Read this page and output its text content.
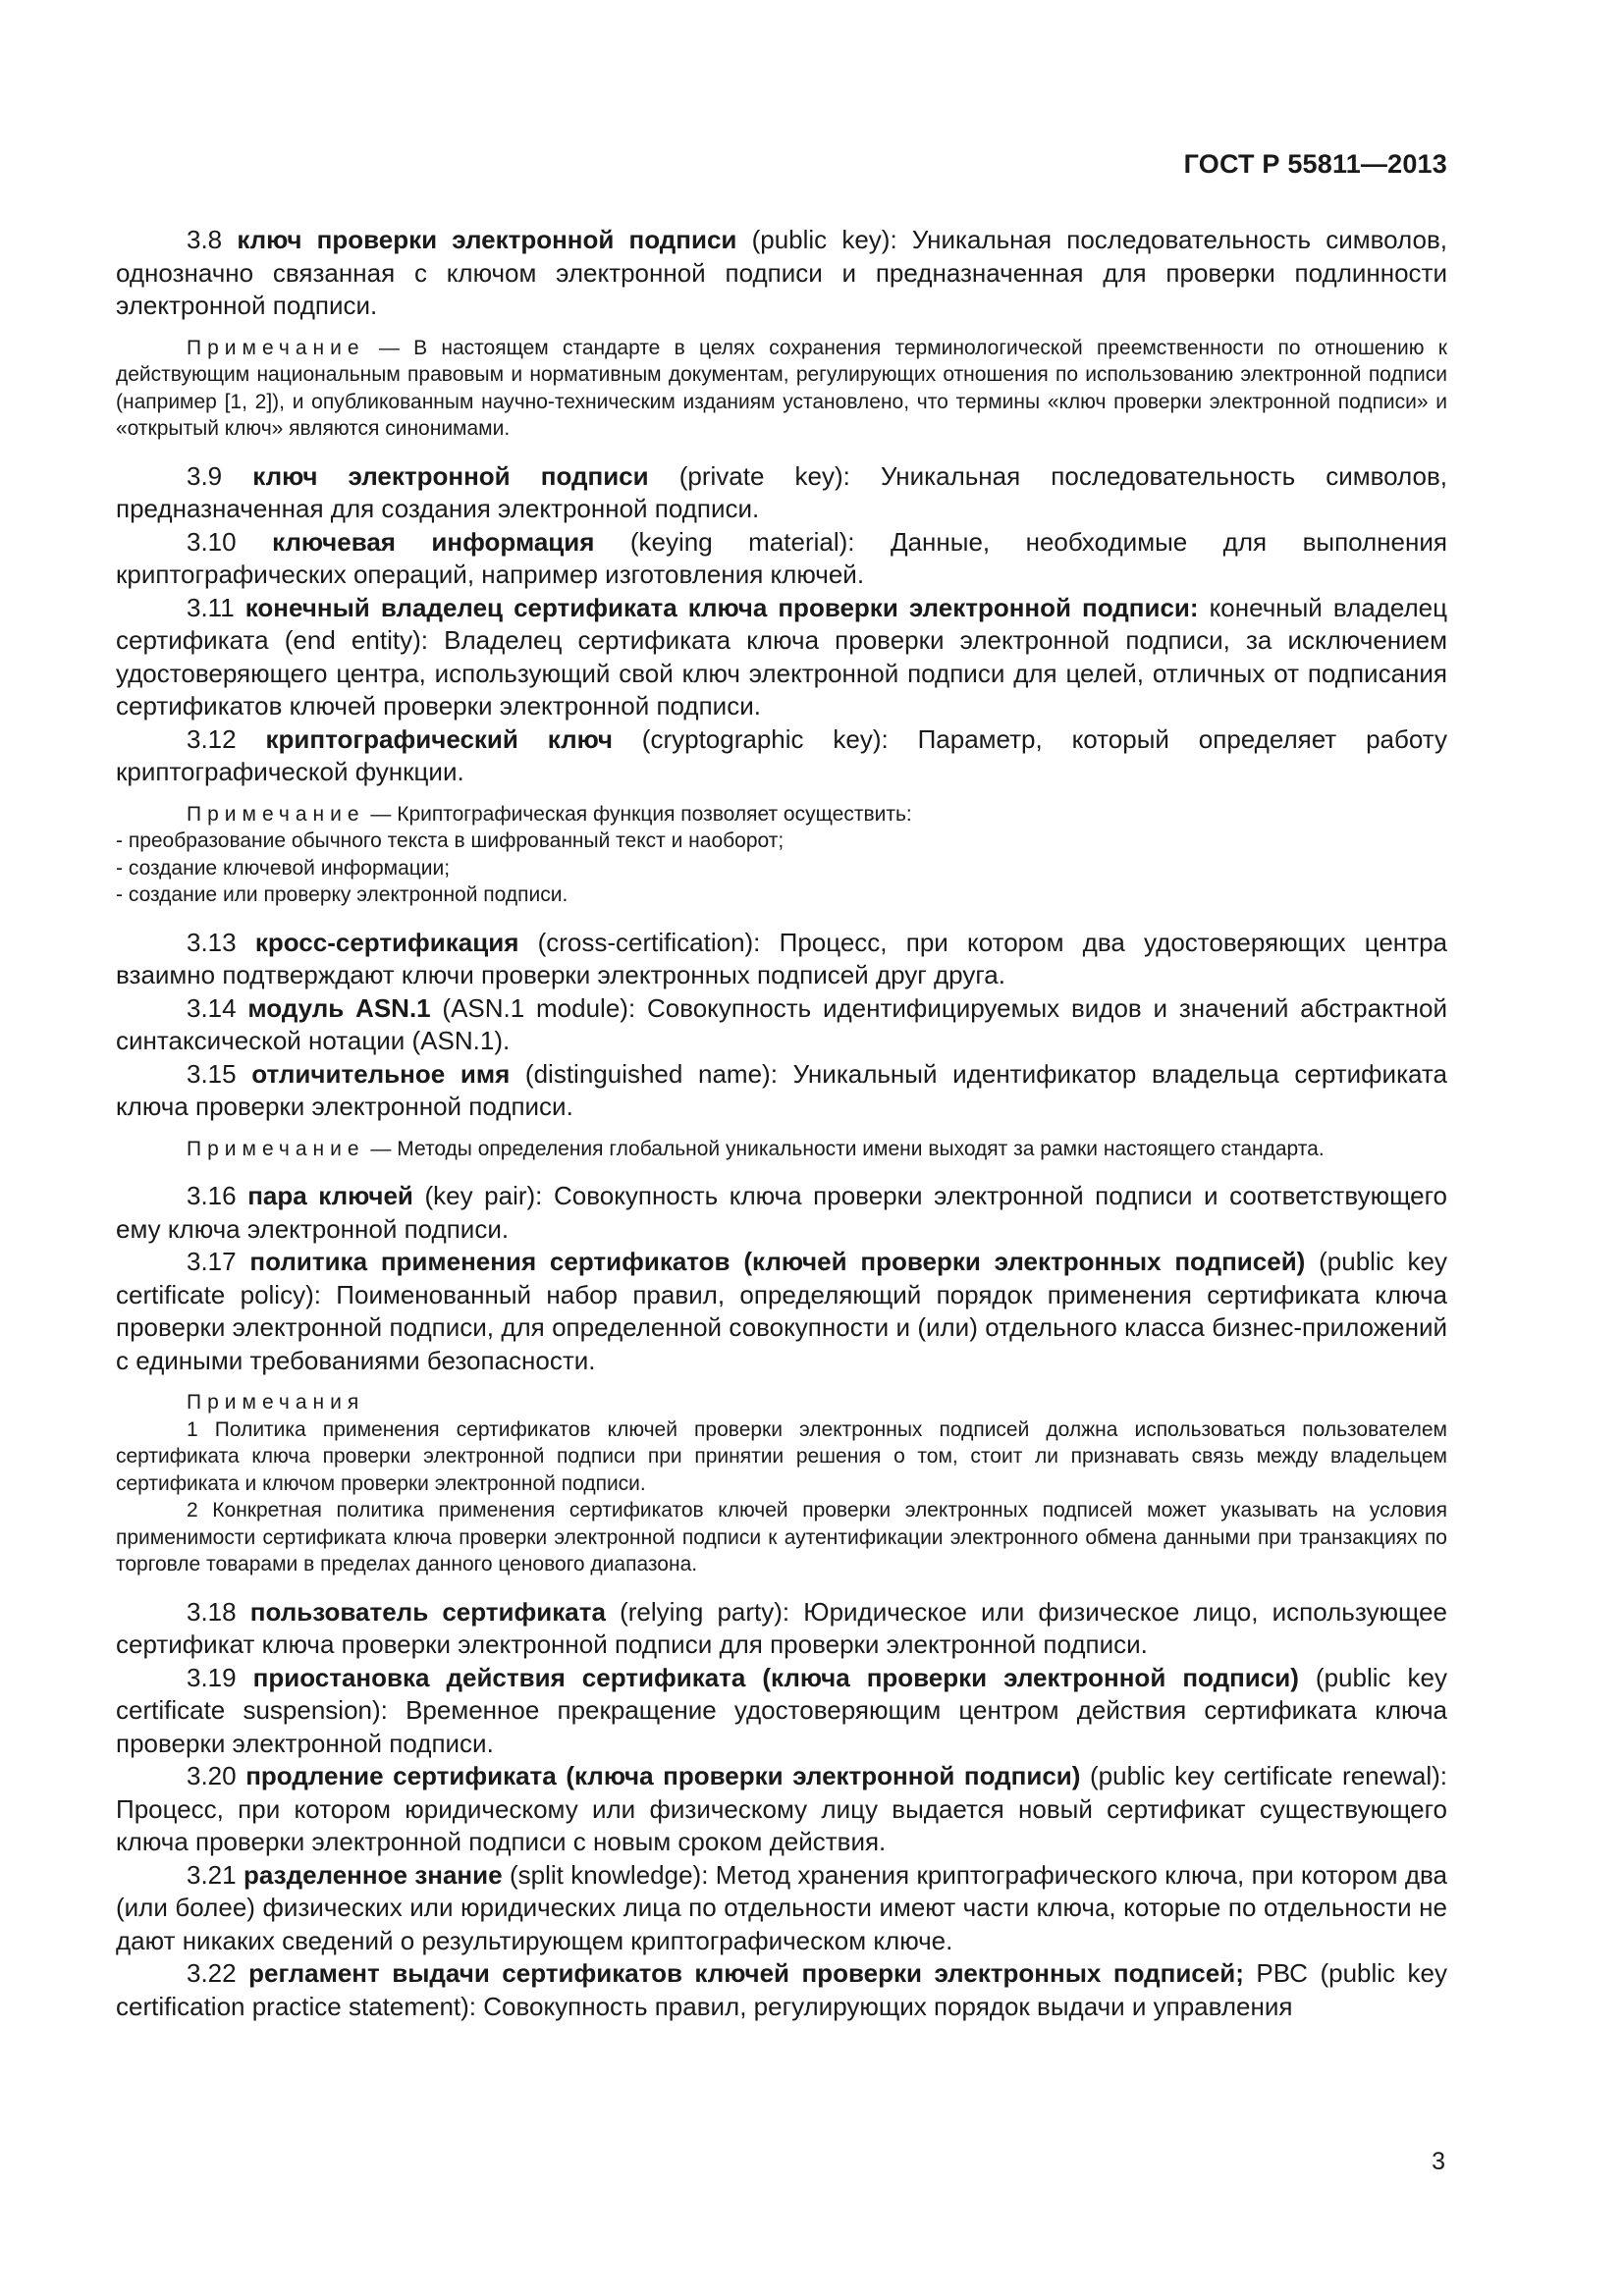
ГОСТ Р 55811—2013

3.8 ключ проверки электронной подписи (public key): Уникальная последовательность символов, однозначно связанная с ключом электронной подписи и предназначенная для проверки подлинности электронной подписи.

Примечание — В настоящем стандарте в целях сохранения терминологической преемственности по отношению к действующим национальным правовым и нормативным документам, регулирующих отношения по использованию электронной подписи (например [1, 2]), и опубликованным научно-техническим изданиям установлено, что термины «ключ проверки электронной подписи» и «открытый ключ» являются синонимами.

3.9 ключ электронной подписи (private key): Уникальная последовательность символов, предназначенная для создания электронной подписи.

3.10 ключевая информация (keying material): Данные, необходимые для выполнения криптографических операций, например изготовления ключей.

3.11 конечный владелец сертификата ключа проверки электронной подписи: конечный владелец сертификата (end entity): Владелец сертификата ключа проверки электронной подписи, за исключением удостоверяющего центра, использующий свой ключ электронной подписи для целей, отличных от подписания сертификатов ключей проверки электронной подписи.

3.12 криптографический ключ (cryptographic key): Параметр, который определяет работу криптографической функции.

Примечание — Криптографическая функция позволяет осуществить:

- преобразование обычного текста в шифрованный текст и наоборот;

- создание ключевой информации;

- создание или проверку электронной подписи.

3.13 кросс-сертификация (cross-certification): Процесс, при котором два удостоверяющих центра взаимно подтверждают ключи проверки электронных подписей друг друга.

3.14 модуль ASN.1 (ASN.1 module): Совокупность идентифицируемых видов и значений абстрактной синтаксической нотации (ASN.1).

3.15 отличительное имя (distinguished name): Уникальный идентификатор владельца сертификата ключа проверки электронной подписи.

Примечание — Методы определения глобальной уникальности имени выходят за рамки настоящего стандарта.

3.16 пара ключей (key pair): Совокупность ключа проверки электронной подписи и соответствующего ему ключа электронной подписи.

3.17 политика применения сертификатов (ключей проверки электронных подписей) (public key certificate policy): Поименованный набор правил, определяющий порядок применения сертификата ключа проверки электронной подписи, для определенной совокупности и (или) отдельного класса бизнес-приложений с едиными требованиями безопасности.

Примечания

1 Политика применения сертификатов ключей проверки электронных подписей должна использоваться пользователем сертификата ключа проверки электронной подписи при принятии решения о том, стоит ли признавать связь между владельцем сертификата и ключом проверки электронной подписи.

2 Конкретная политика применения сертификатов ключей проверки электронных подписей может указывать на условия применимости сертификата ключа проверки электронной подписи к аутентификации электронного обмена данными при транзакциях по торговле товарами в пределах данного ценового диапазона.

3.18 пользователь сертификата (relying party): Юридическое или физическое лицо, использующее сертификат ключа проверки электронной подписи для проверки электронной подписи.

3.19 приостановка действия сертификата (ключа проверки электронной подписи) (public key certificate suspension): Временное прекращение удостоверяющим центром действия сертификата ключа проверки электронной подписи.

3.20 продление сертификата (ключа проверки электронной подписи) (public key certificate renewal): Процесс, при котором юридическому или физическому лицу выдается новый сертификат существующего ключа проверки электронной подписи с новым сроком действия.

3.21 разделенное знание (split knowledge): Метод хранения криптографического ключа, при котором два (или более) физических или юридических лица по отдельности имеют части ключа, которые по отдельности не дают никаких сведений о результирующем криптографическом ключе.

3.22 регламент выдачи сертификатов ключей проверки электронных подписей; РВС (public key certification practice statement): Совокупность правил, регулирующих порядок выдачи и управления

3
